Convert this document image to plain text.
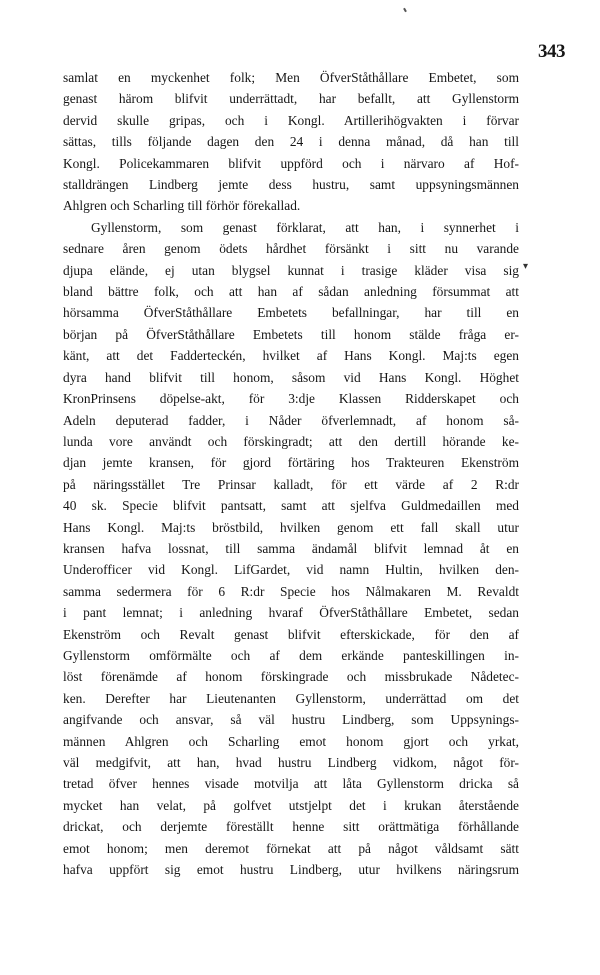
343
▾
samlat en myckenhet folk; Men ÖfverStåthållare Embetet, som
genast härom blifvit underrättadt, har befallt, att Gyllenstorm
dervid skulle gripas, och i Kongl. Artillerihögvakten i förvar
sättas, tills följande dagen den 24 i denna månad, då han till
Kongl. Policekammaren blifvit uppförd och i närvaro af Hof-
stalldrängen Lindberg jemte dess hustru, samt uppsyningsmännen
Ahlgren och Scharling till förhör förekallad.
Gyllenstorm, som genast förklarat, att han, i synnerhet i
sednare åren genom ödets hårdhet försänkt i sitt nu varande
djupa elände, ej utan blygsel kunnat i trasige kläder visa sig
bland bättre folk, och att han af sådan anledning försummat att
hörsamma ÖfverStåthållare Embetets befallningar, har till en
början på ÖfverStåthållare Embetets till honom stälde fråga er-
känt, att det Fadderteckén, hvilket af Hans Kongl. Maj:ts egen
dyra hand blifvit till honom, såsom vid Hans Kongl. Höghet
KronPrinsens döpelse-akt, för 3:dje Klassen Ridderskapet och
Adeln deputerad fadder, i Nåder öfverlemnadt, af honom så-
lunda vore användt och förskingradt; att den dertill hörande ke-
djan jemte kransen, för gjord förtäring hos Trakteuren Ekenström
på näringsstället Tre Prinsar kalladt, för ett värde af 2 R:dr
40 sk. Specie blifvit pantsatt, samt att sjelfva Guldmedaillen med
Hans Kongl. Maj:ts bröstbild, hvilken genom ett fall skall utur
kransen hafva lossnat, till samma ändamål blifvit lemnad åt en
Underofficer vid Kongl. LifGardet, vid namn Hultin, hvilken den-
samma sedermera för 6 R:dr Specie hos Nålmakaren M. Revaldt
i pant lemnat; i anledning hvaraf ÖfverStåthållare Embetet, sedan
Ekenström och Revalt genast blifvit efterskickade, för den af
Gyllenstorm omförmälte och af dem erkände panteskillingen in-
löst förenämde af honom förskingrade och missbrukade Nådetec-
ken. Derefter har Lieutenanten Gyllenstorm, underrättad om det
angifvande och ansvar, så väl hustru Lindberg, som Uppsynings-
männen Ahlgren och Scharling emot honom gjort och yrkat,
väl medgifvit, att han, hvad hustru Lindberg vidkom, något för-
tretad öfver hennes visade motvilja att låta Gyllenstorm dricka så
mycket han velat, på golfvet utstjelpt det i krukan återstående
drickat, och derjemte föreställt henne sitt orättmätiga förhållande
emot honom; men deremot förnekat att på något våldsamt sätt
hafva uppfört sig emot hustru Lindberg, utur hvilkens näringsrum
